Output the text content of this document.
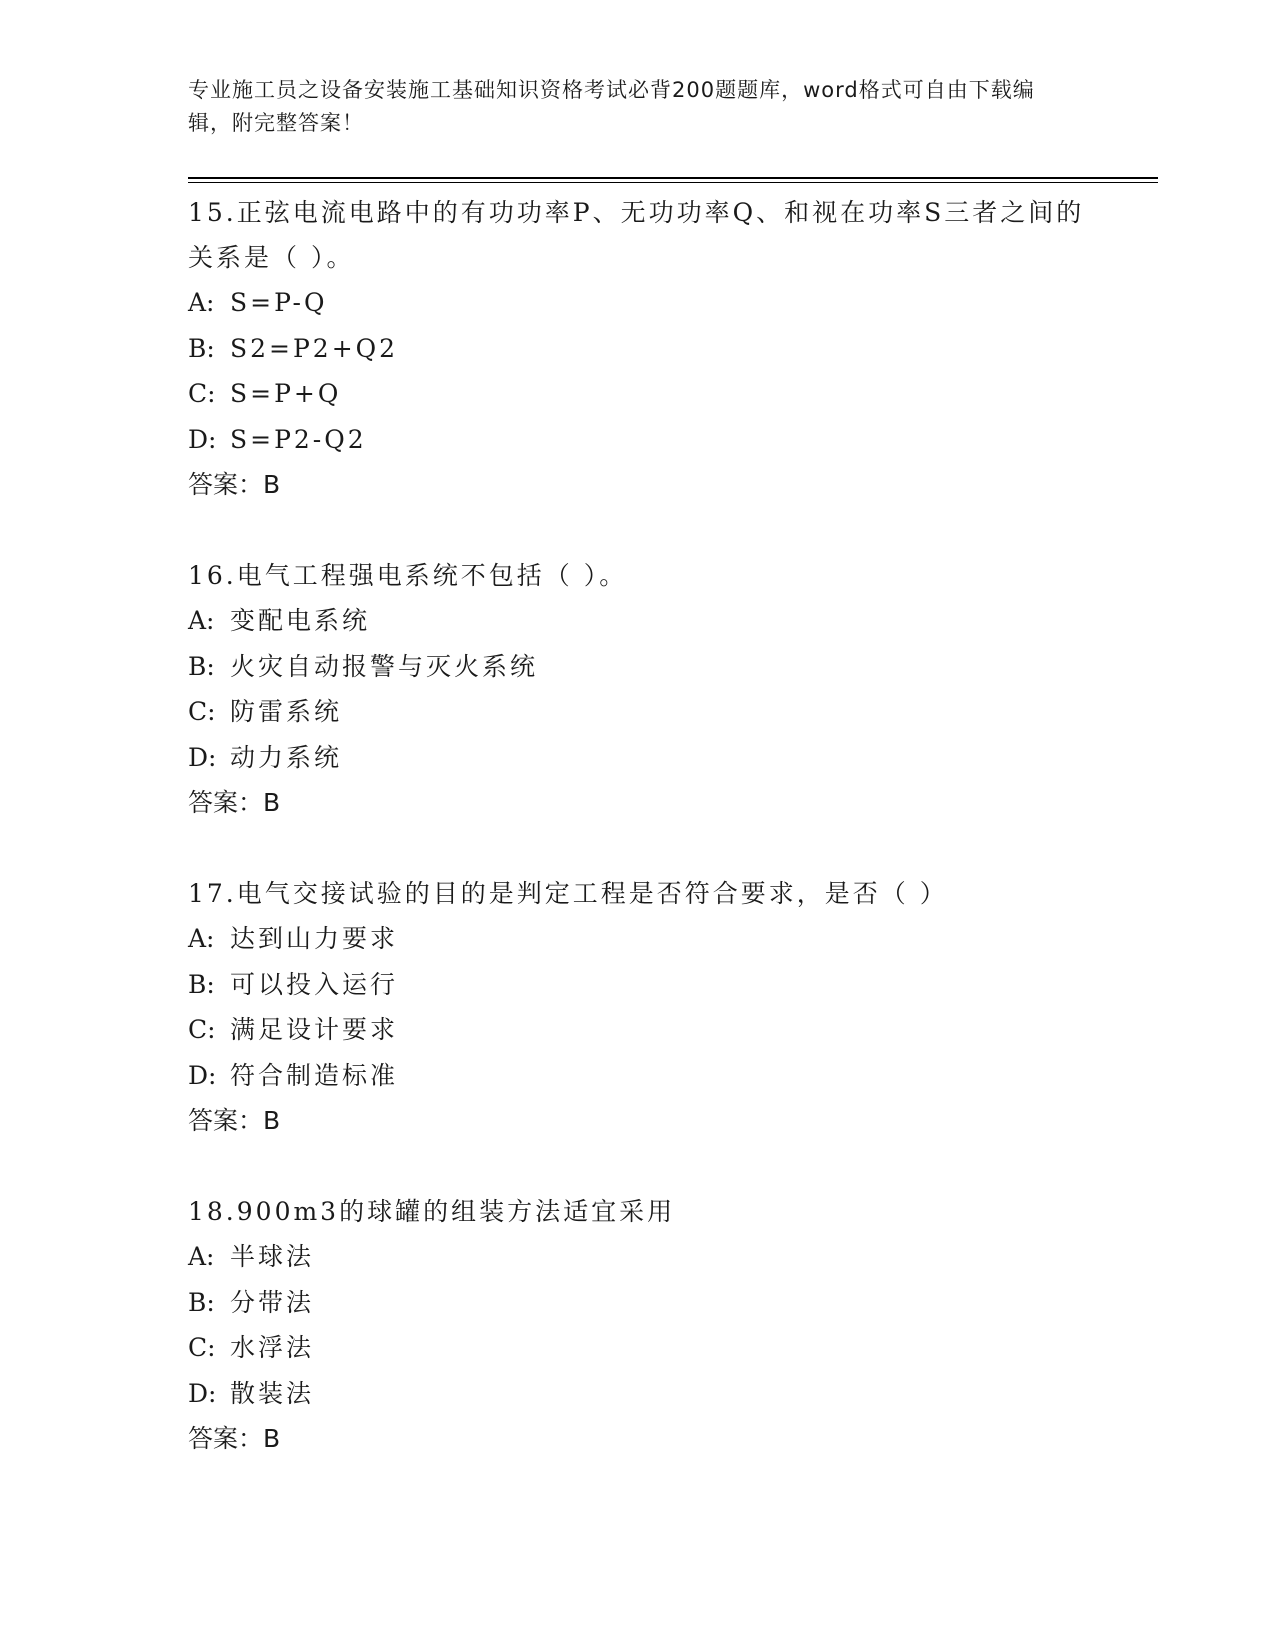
专业施工员之设备安装施工基础知识资格考试必背200题题库，word格式可自由下载编辑，附完整答案！

15.正弦电流电路中的有功功率P、无功功率Q、和视在功率S三者之间的关系是（ ）。

A: S=P-Q
B: S2=P2+Q2
C: S=P+Q
D: S=P2-Q2
答案：B

16.电气工程强电系统不包括（ ）。

A: 变配电系统
B: 火灾自动报警与灭火系统
C: 防雷系统
D: 动力系统
答案：B

17.电气交接试验的目的是判定工程是否符合要求，是否（ ）

A: 达到山力要求
B: 可以投入运行
C: 满足设计要求
D: 符合制造标准
答案：B

18.900m3的球罐的组装方法适宜采用

A: 半球法
B: 分带法
C: 水浮法
D: 散装法
答案：B
